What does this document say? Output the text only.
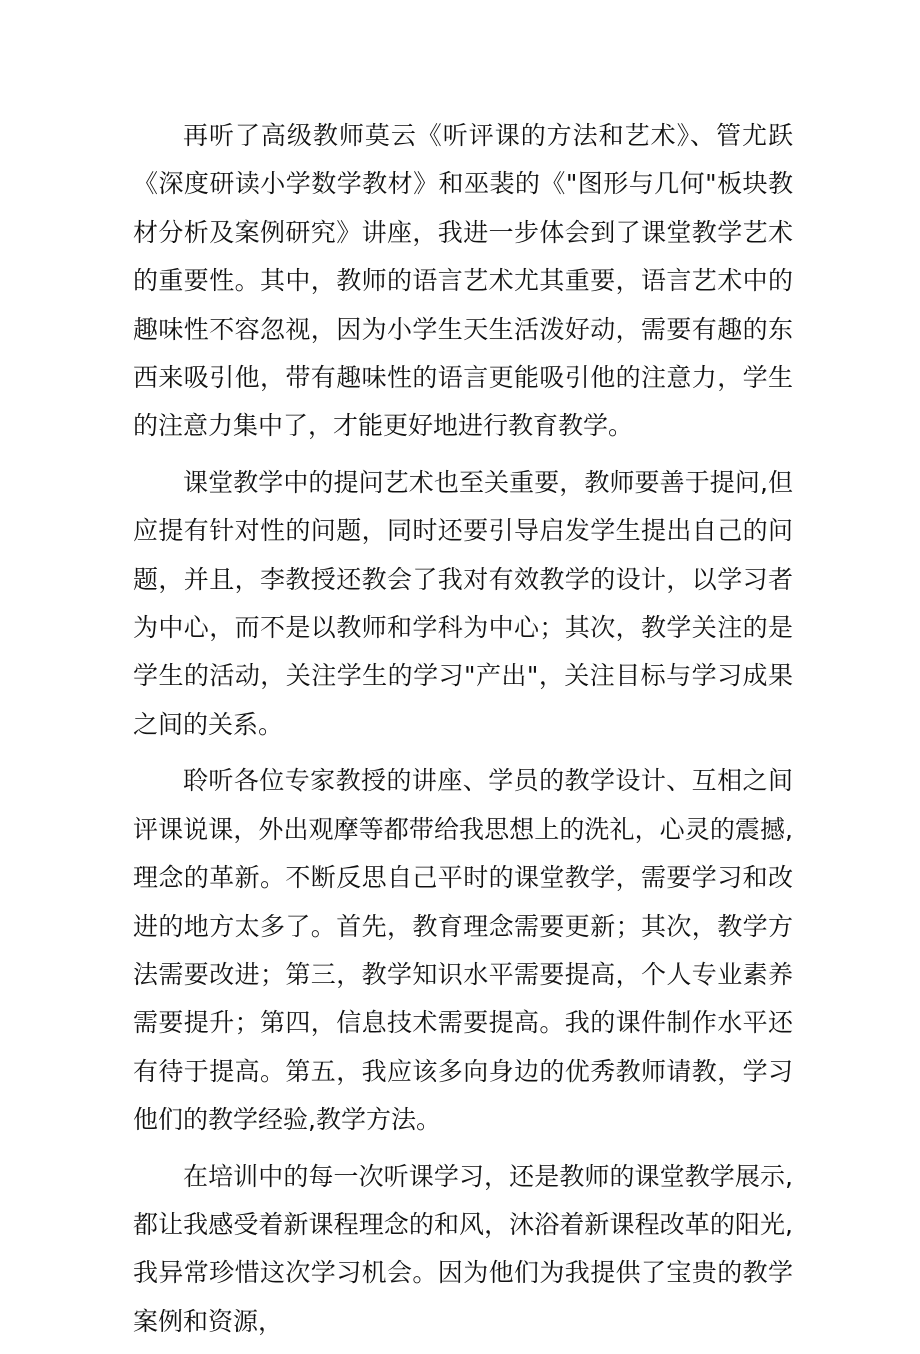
再听了高级教师莫云《听评课的方法和艺术》、管尤跃《深度研读小学数学教材》和巫裴的《"图形与几何"板块教材分析及案例研究》讲座，我进一步体会到了课堂教学艺术的重要性。其中，教师的语言艺术尤其重要，语言艺术中的趣味性不容忽视，因为小学生天生活泼好动，需要有趣的东西来吸引他，带有趣味性的语言更能吸引他的注意力，学生的注意力集中了，才能更好地进行教育教学。

课堂教学中的提问艺术也至关重要，教师要善于提问,但应提有针对性的问题，同时还要引导启发学生提出自己的问题，并且，李教授还教会了我对有效教学的设计，以学习者为中心，而不是以教师和学科为中心；其次，教学关注的是学生的活动，关注学生的学习"产出"，关注目标与学习成果之间的关系。

聆听各位专家教授的讲座、学员的教学设计、互相之间评课说课，外出观摩等都带给我思想上的洗礼，心灵的震撼,理念的革新。不断反思自己平时的课堂教学，需要学习和改进的地方太多了。首先，教育理念需要更新；其次，教学方法需要改进；第三，教学知识水平需要提高，个人专业素养需要提升；第四，信息技术需要提高。我的课件制作水平还有待于提高。第五，我应该多向身边的优秀教师请教，学习他们的教学经验,教学方法。

在培训中的每一次听课学习，还是教师的课堂教学展示,都让我感受着新课程理念的和风，沐浴着新课程改革的阳光,我异常珍惜这次学习机会。因为他们为我提供了宝贵的教学案例和资源，
